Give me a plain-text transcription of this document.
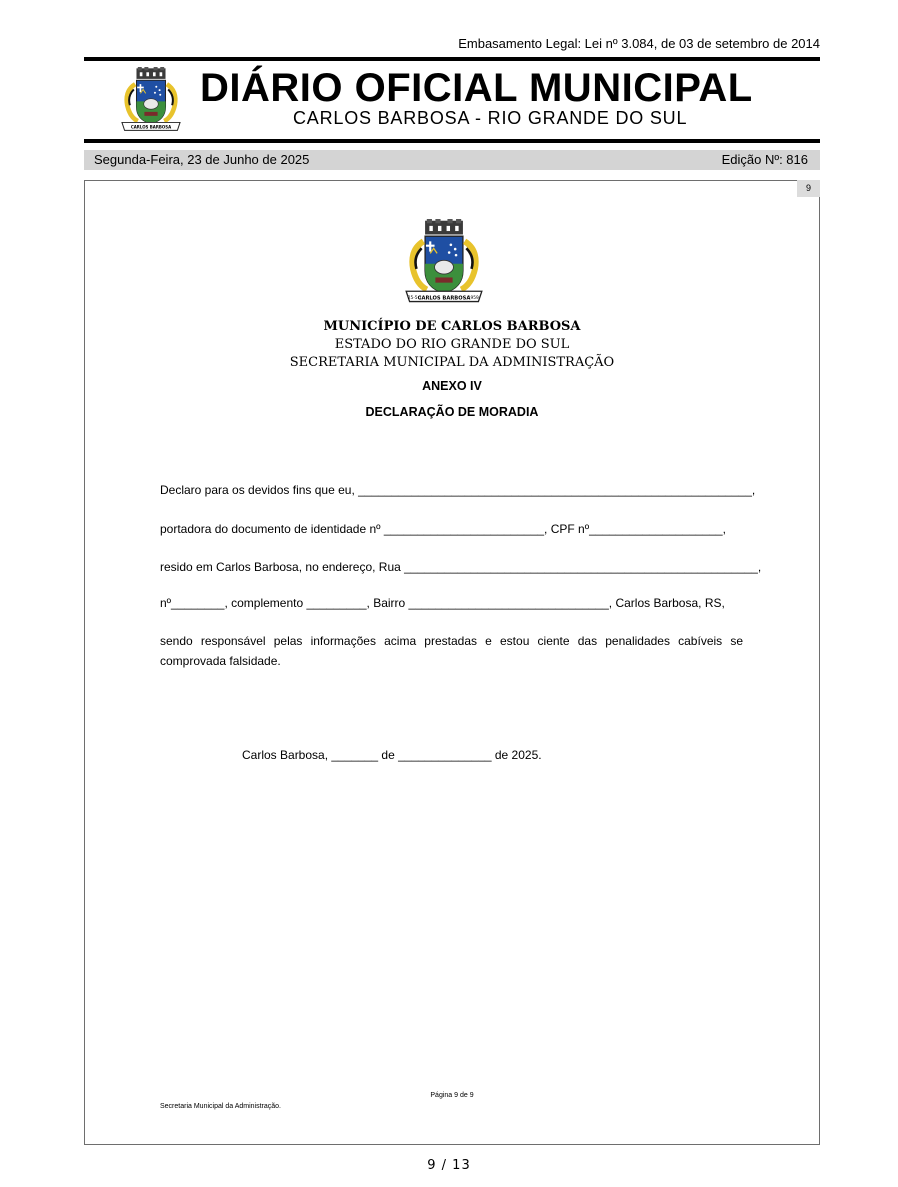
Embasamento Legal: Lei nº 3.084, de 03 de setembro de 2014
CARLOS BARBOSA
DIÁRIO OFICIAL MUNICIPAL
CARLOS BARBOSA - RIO GRANDE DO SUL
Segunda-Feira, 23 de Junho de 2025	Edição Nº: 816
9
CARLOS BARBOSA
25-5-1	1959
MUNICÍPIO DE CARLOS BARBOSA
ESTADO DO RIO GRANDE DO SUL
SECRETARIA MUNICIPAL DA ADMINISTRAÇÃO
ANEXO IV
DECLARAÇÃO DE MORADIA
Declaro para os devidos fins que eu, ___________________________________________________________,
portadora do documento de identidade nº ________________________, CPF nº____________________,
resido em Carlos Barbosa, no endereço, Rua _____________________________________________________,
nº________, complemento _________, Bairro ______________________________, Carlos Barbosa, RS,
sendo responsável pelas informações acima prestadas e estou ciente das penalidades cabíveis se comprovada falsidade.
Carlos Barbosa, _______ de ______________ de 2025.
Página 9 de 9
Secretaria Municipal da Administração.
9 / 13
